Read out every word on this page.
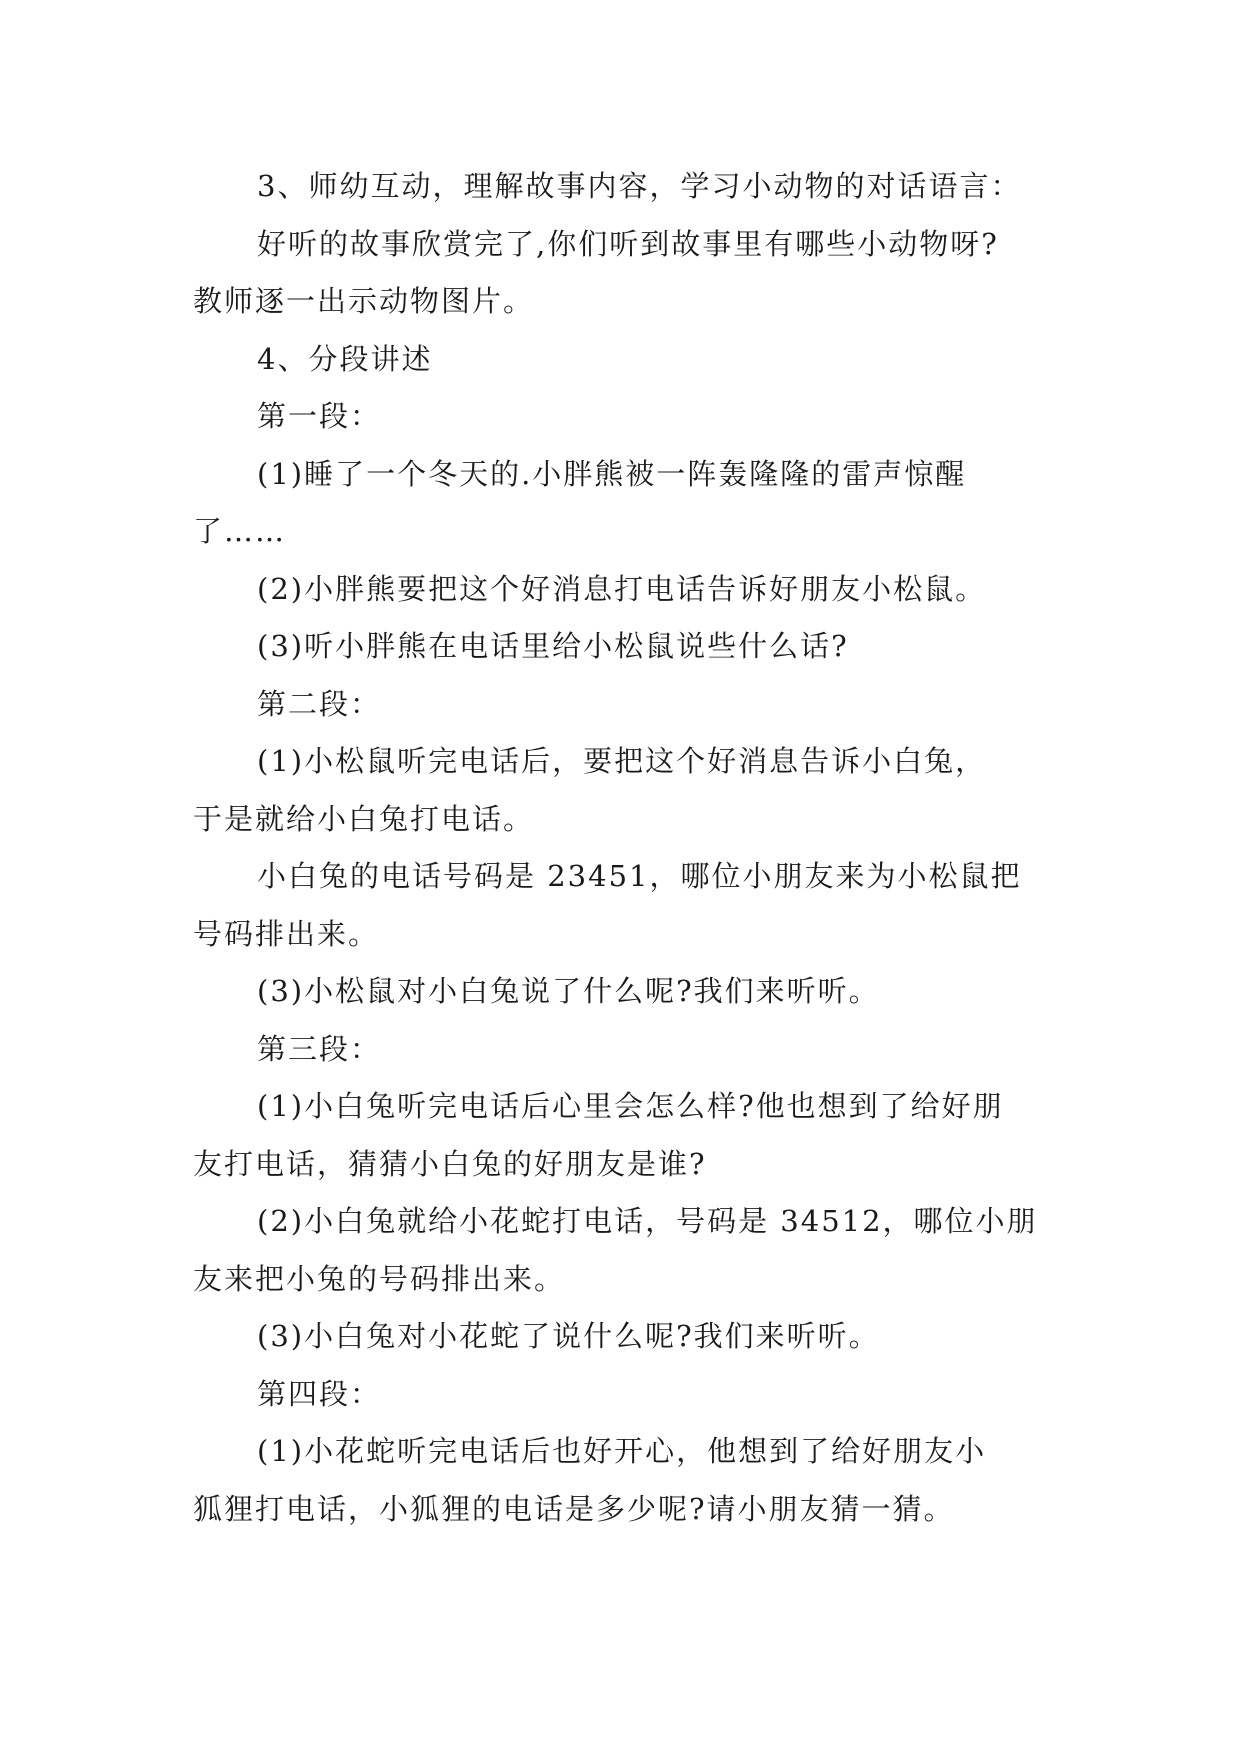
3、师幼互动，理解故事内容，学习小动物的对话语言：
好听的故事欣赏完了,你们听到故事里有哪些小动物呀?
教师逐一出示动物图片。
4、分段讲述
第一段：
(1)睡了一个冬天的.小胖熊被一阵轰隆隆的雷声惊醒
了……
(2)小胖熊要把这个好消息打电话告诉好朋友小松鼠。
(3)听小胖熊在电话里给小松鼠说些什么话?
第二段：
(1)小松鼠听完电话后，要把这个好消息告诉小白兔，
于是就给小白兔打电话。
小白兔的电话号码是 23451，哪位小朋友来为小松鼠把
号码排出来。
(3)小松鼠对小白兔说了什么呢?我们来听听。
第三段：
(1)小白兔听完电话后心里会怎么样?他也想到了给好朋
友打电话，猜猜小白兔的好朋友是谁?
(2)小白兔就给小花蛇打电话，号码是 34512，哪位小朋
友来把小兔的号码排出来。
(3)小白兔对小花蛇了说什么呢?我们来听听。
第四段：
(1)小花蛇听完电话后也好开心，他想到了给好朋友小
狐狸打电话，小狐狸的电话是多少呢?请小朋友猜一猜。
